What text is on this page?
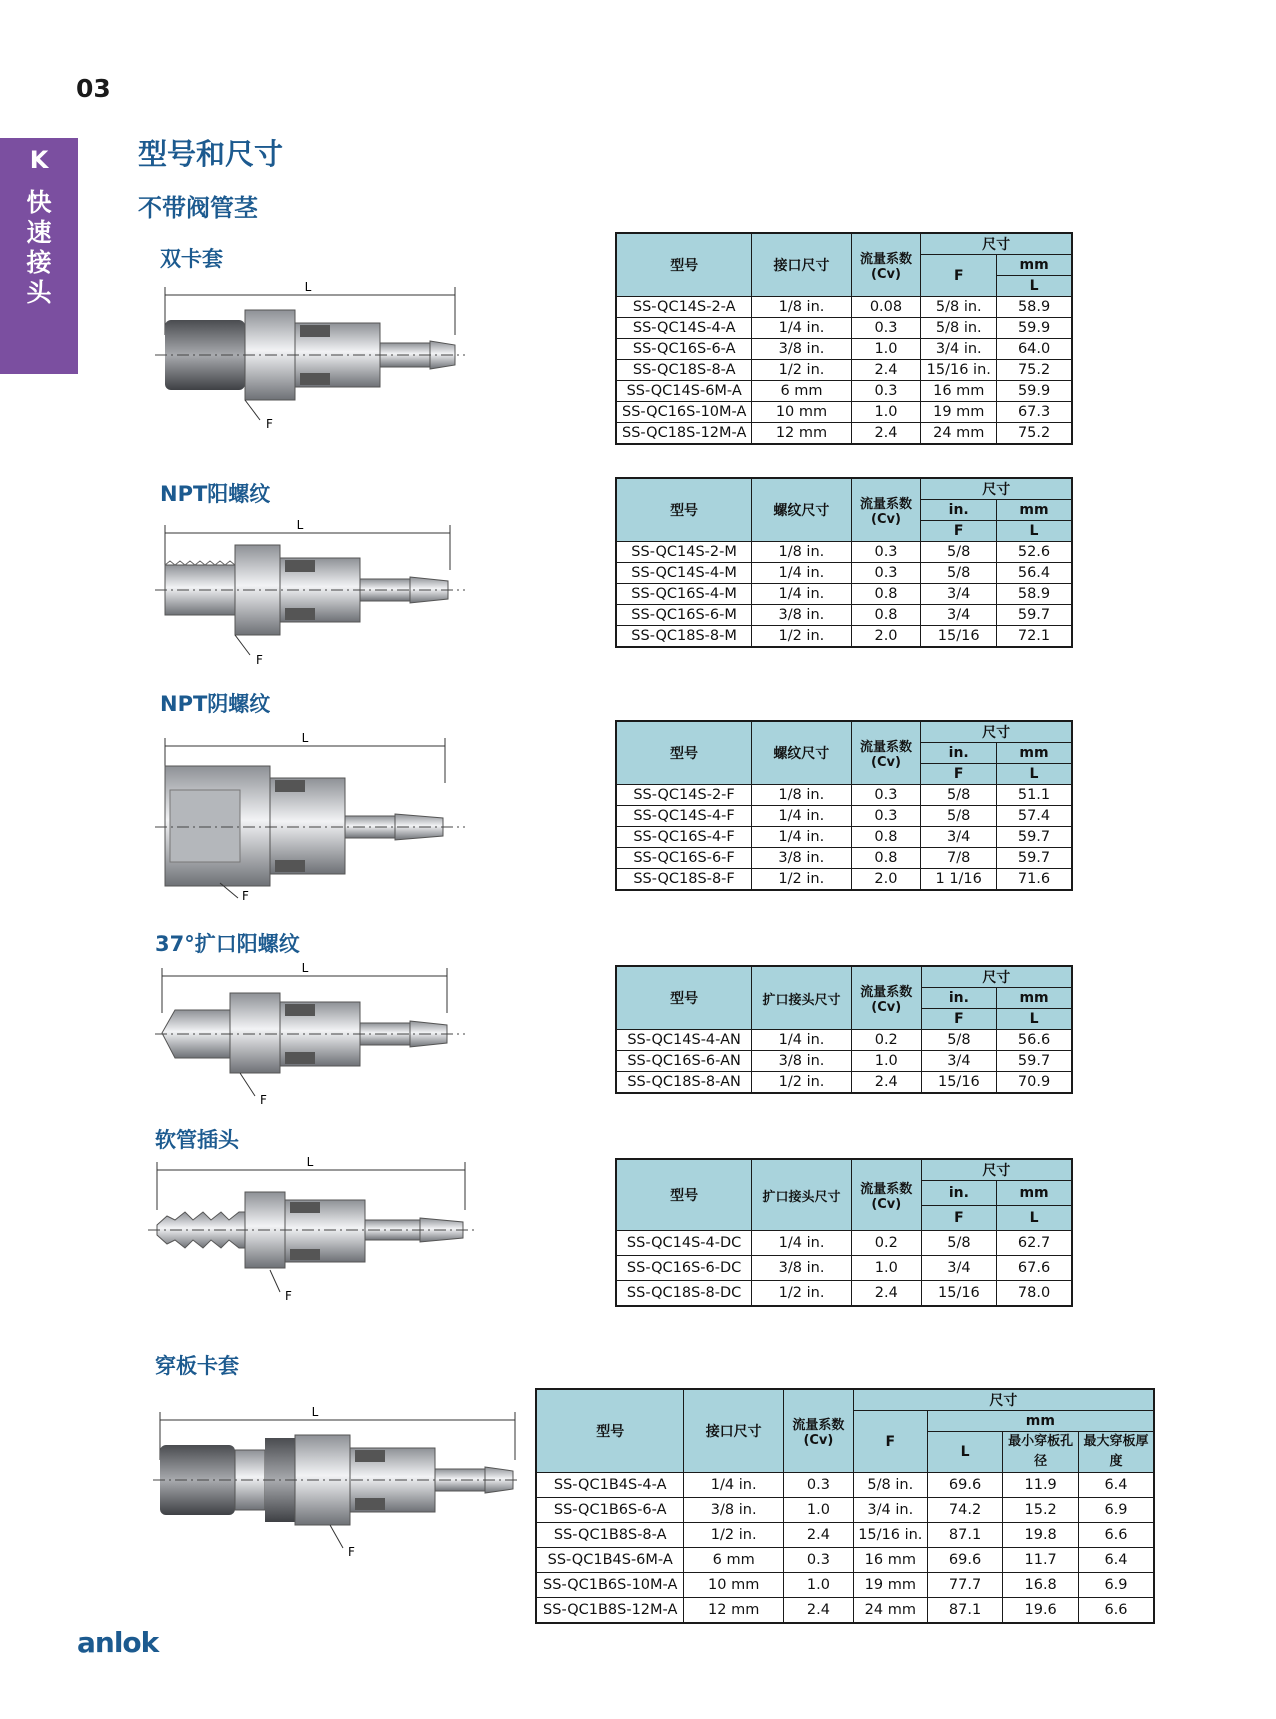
03
K
快
速
接
头
型号和尺寸
不带阀管茎
双卡套
NPT阳螺纹
NPT阴螺纹
37°扩口阳螺纹
软管插头
穿板卡套
L
F
L
F
L
F
L
F
L
F
L
F
型号	接口尺寸	流量系数
(Cv)	尺寸	
			F	mm
				L
SS-QC14S-2-A	1/8 in.	0.08	5/8 in.	58.9
SS-QC14S-4-A	1/4 in.	0.3	5/8 in.	59.9
SS-QC16S-6-A	3/8 in.	1.0	3/4 in.	64.0
SS-QC18S-8-A	1/2 in.	2.4	15/16 in.	75.2
SS-QC14S-6M-A	6 mm	0.3	16 mm	59.9
SS-QC16S-10M-A	10 mm	1.0	19 mm	67.3
SS-QC18S-12M-A	12 mm	2.4	24 mm	75.2
型号	螺纹尺寸	流量系数
(Cv)	尺寸	
			in.	mm
			F	L
SS-QC14S-2-M	1/8 in.	0.3	5/8	52.6
SS-QC14S-4-M	1/4 in.	0.3	5/8	56.4
SS-QC16S-4-M	1/4 in.	0.8	3/4	58.9
SS-QC16S-6-M	3/8 in.	0.8	3/4	59.7
SS-QC18S-8-M	1/2 in.	2.0	15/16	72.1
型号	螺纹尺寸	流量系数
(Cv)	尺寸	
			in.	mm
			F	L
SS-QC14S-2-F	1/8 in.	0.3	5/8	51.1
SS-QC14S-4-F	1/4 in.	0.3	5/8	57.4
SS-QC16S-4-F	1/4 in.	0.8	3/4	59.7
SS-QC16S-6-F	3/8 in.	0.8	7/8	59.7
SS-QC18S-8-F	1/2 in.	2.0	1 1/16	71.6
型号	扩口接头尺寸	流量系数
(Cv)	尺寸	
			in.	mm
			F	L
SS-QC14S-4-AN	1/4 in.	0.2	5/8	56.6
SS-QC16S-6-AN	3/8 in.	1.0	3/4	59.7
SS-QC18S-8-AN	1/2 in.	2.4	15/16	70.9
型号	扩口接头尺寸	流量系数
(Cv)	尺寸	
			in.	mm
			F	L
SS-QC14S-4-DC	1/4 in.	0.2	5/8	62.7
SS-QC16S-6-DC	3/8 in.	1.0	3/4	67.6
SS-QC18S-8-DC	1/2 in.	2.4	15/16	78.0
型号	接口尺寸	流量系数
(Cv)	尺寸			
			F	mm		
				L	最小穿板孔径	最大穿板厚度

SS-QC1B4S-4-A	1/4 in.	0.3	5/8 in.	69.6	11.9	6.4
SS-QC1B6S-6-A	3/8 in.	1.0	3/4 in.	74.2	15.2	6.9
SS-QC1B8S-8-A	1/2 in.	2.4	15/16 in.	87.1	19.8	6.6
SS-QC1B4S-6M-A	6 mm	0.3	16 mm	69.6	11.7	6.4
SS-QC1B6S-10M-A	10 mm	1.0	19 mm	77.7	16.8	6.9
SS-QC1B8S-12M-A	12 mm	2.4	24 mm	87.1	19.6	6.6
anlok
